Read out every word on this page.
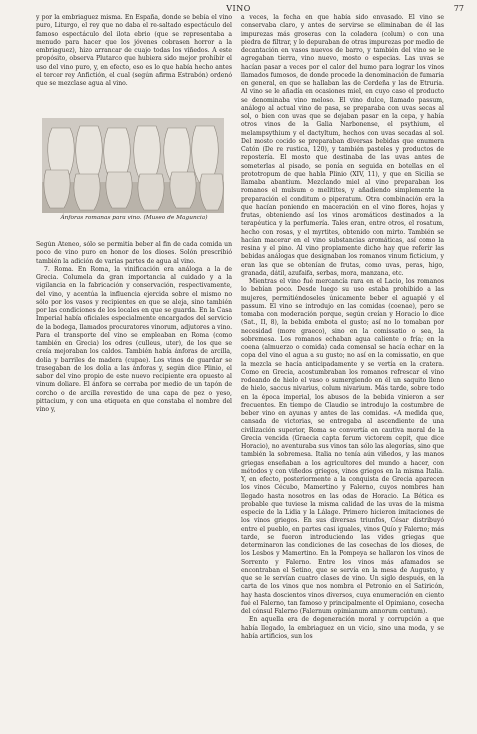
VINO	77

y por la embriaguez misma. En España, donde se bebía el vino puro, Liturgo, el rey que no daba el re-saltado espectáculo del famoso espectáculo del ilota ebrio (que se representaba a menudo para hacer que los jóvenes cobrasen horror a la embriaguez), hizo arrancar de cuajo todas los viñedos. A este propósito, observa Plutarco que hubiera sido mejor prohibir el uso del vino puro, y, en efecto, eso es lo que había hecho antes el tercer rey Anfictión, el cual (según afirma Estrabón) ordenó que se mezclase agua al vino.

Ánforas romanas para vino. (Museo de Maguncia)

Según Ateneo, sólo se permitía beber al fin de cada comida un poco de vino puro en honor de los dioses. Solón prescribió también la adición de varias partes de agua al vino.

7. Roma. En Roma, la vinificación era análoga a la de Grecia. Columela da gran importancia al cuidado y a la vigilancia en la fabricación y conservación, respectivamente, del vino, y acentúa la influencia ejercida sobre el mismo no sólo por los vasos y recipientes en que se aleja, sino también por las condiciones de los locales en que se guarda. En la Casa Imperial había oficiales especialmente encargados del servicio de la bodega, llamados procuratores vinorum, adjutores a vino. Para el transporte del vino se empleaban en Roma (como también en Grecia) los odres (culleus, uter), de los que se creía mejoraban los caldos. También había ánforas de arcilla, dolia y barriles de madera (cupae). Los vinos de guardar se trasegaban de los dolia a las ánforas y, según dice Plinio, el sabor del vino propio de este nuevo recipiente era opuesto al vinum doliare. El ánfora se cerraba por medio de un tapón de corcho o de arcilla revestido de una capa de pez o yeso, pittacium, y con una etiqueta en que constaba el nombre del vino y,

a veces, la fecha en que había sido envasado. El vino se conservaba claro, y antes de servirse se eliminaban de él las impurezas más groseras con la coladera (colum) o con una piedra de filtrar, y lo depuraban de otras impurezas por medio de decantación en vasos nuevos de barro, y también del vino se le agregaban tierra, vino nuevo, mosto o especias. Las uvas se hacían pasar a veces por el calor del humo para lograr los vinos llamados fumosos, de donde procede la denominación de fumaria en general, en que se hallaban las de Cerdeña y las de Etruria. Al vino se le añadía en ocasiones miel, en cuyo caso el producto se denominaba vino meloso. El vino dulce, llamado passum, análogo al actual vino de pasa, se preparaba con uvas secas al sol, o bien con uvas que se dejaban pasar en la cepa, y había otros vinos de la Galia Narbonense, el psythium, el melampsythium y el dactyltum, hechos con uvas secadas al sol. Del mosto cocido se preparaban diversas bebidas que enumera Catón (De re rustica, 120), y también pasteles y productos de repostería. El mosto que destinaba de las uvas antes de someterlas al pisado, se ponía en seguida en botellas en el prototropum de que habla Plinio (XIV, 11), y que en Sicilia se llamaba abantium. Mezclando miel al vino preparaban los romanos el mulsum o melitites, y añadiendo simplemente la preparación el conditum o piperatum. Otra combinación era la que hacían poniendo en maceración en el vino flores, hojas y frutas, obteniendo así los vinos aromáticos destinados a la terapéutica y la perfumería. Tales eran, entre otros, el rosatum, hecho con rosas, y el myrtites, obtenido con mirto. También se hacían macerar en el vino substancias aromáticas, así como la resina y el pino. Al vino propiamente dicho hay que referir las bebidas análogas que designaban los romanos vinum ficticium, y eran las que se obtenían de frutas, como uvas, peras, higo, granada, dátil, azufaifa, serbas, mora, manzana, etc.

Mientras el vino fué mercancía rara en el Lacio, los romanos lo bebían poco. Desde luego su uso estaba prohibido a las mujeres, permitiéndoseles únicamente beber el aguapié y el passum. El vino se introdujo en las comidas (coenae), pero se tomaba con moderación porque, según creían y Horacio lo dice (Sat., II, 8), la bebida embota el gusto; así no lo tomaban por necesidad (more graeco), sino en la comissatio o sea, la sobremesa. Los romanos echaban agua caliente o fría; en la coena (almuerzo o comida) cada comensal se hacía echar en la copa del vino el agua a su gusto; no así en la comissatio, en que la mezcla se hacía anticipadamente y se vertía en la cratera. Como en Grecia, acostumbraban los romanos refrescar el vino rodeando de hielo el vaso o sumergiendo en él un saquito lleno de hielo, saccus nivarius, colum nivarium. Más tarde, sobre todo en la época imperial, los abusos de la bebida vinieron a ser frecuentes. En tiempo de Claudio se introdujo la costumbre de beber vino en ayunas y antes de las comidas. «A medida que, cansada de victorias, se entregaba al ascendiente de una civilización superior, Roma se convertía en cautiva moral de la Grecia vencida (Graecia capta ferum victorem cepit, que dice Horacio), no aventuraba sus vinos tan sólo las alegorías, sino que también la sobremesa. Italia no tenía aún viñedos, y las manos griegas enseñaban a los agricultores del mundo a hacer, con métodos y con viñedos griegos, vinos griegos en la misma Italia. Y, en efecto, posteriormente a la conquista de Grecia aparecen los vinos Cécubo, Mamertino y Falerno, cuyos nombres han llegado hasta nosotros en las odas de Horacio. La Bética es probable que tuviese la misma calidad de las uvas de la misma especie de la Lidia y la Lálage. Primero hicieron imitaciones de los vinos griegos. En sus diversas triunfos, César distribuyó entre el pueblo, en partes casi iguales, vinos Quío y Falerno; más tarde, se fueron introduciendo las vides griegas que determinaron las condiciones de las cosechas de los dioses, de los Lesbos y Mamertino. En la Pompeya se hallaron los vinos de Sorrento y Falerno. Entre los vinos más afamados se encontraban el Setino, que se servía en la mesa de Augusto, y que se le servían cuatro clases de vino. Un siglo después, en la carta de los vinos que nos nombra el Petronio en el Satiricón, hay hasta doscientos vinos diversos, cuya enumeración en ciento fué el Falerno, tan famoso y principalmente el Opimiano, cosecha del cónsul Falerno (Falernum opimianum annorum centum).

En aquella era de degeneración moral y corrupción a que había llegado, la embriaguez en un vicio, sino una moda, y se había artificios, sun los
